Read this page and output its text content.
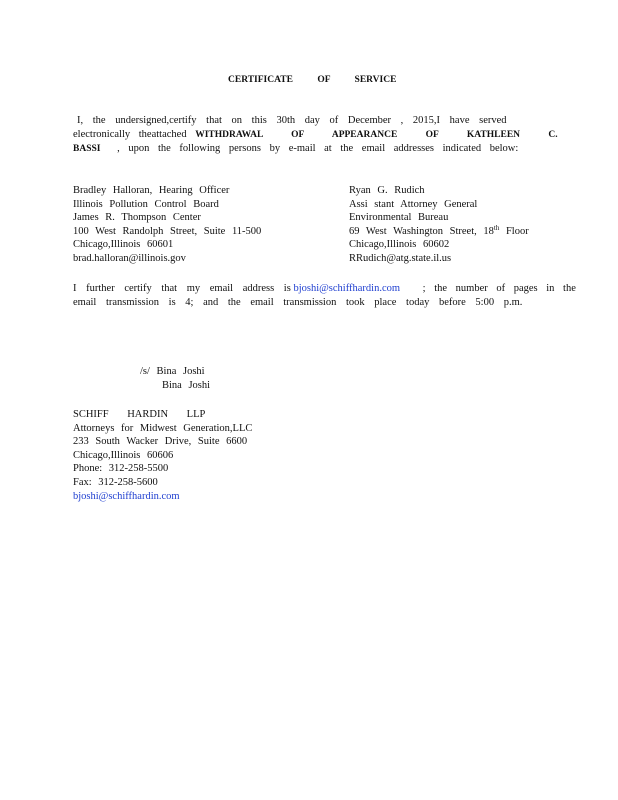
CERTIFICATE OF SERVICE
I, the undersigned,certify that on this 30th day of December , 2015,I have served
electronically theattached WITHDRAWAL OF APPEARANCE OF KATHLEEN C.
BASSI , upon the following persons by e-mail at the email addresses indicated below:
Bradley Halloran, Hearing Officer
Illinois Pollution Control Board
James R. Thompson Center
100 West Randolph Street, Suite 11-500
Chicago,Illinois 60601
brad.halloran@illinois.gov
Ryan G. Rudich
Assi stant Attorney General
Environmental Bureau
69 West Washington Street, 18th Floor
Chicago,Illinois 60602
RRudich@atg.state.il.us
I further certify that my email address is bjoshi@schiffhardin.com ; the number of pages in the
email transmission is 4; and the email transmission took place today before 5:00 p.m.
/s/ Bina Joshi
Bina Joshi
SCHIFF HARDIN LLP
Attorneys for Midwest Generation,LLC
233 South Wacker Drive, Suite 6600
Chicago,Illinois 60606
Phone: 312-258-5500
Fax: 312-258-5600
bjoshi@schiffhardin.com
